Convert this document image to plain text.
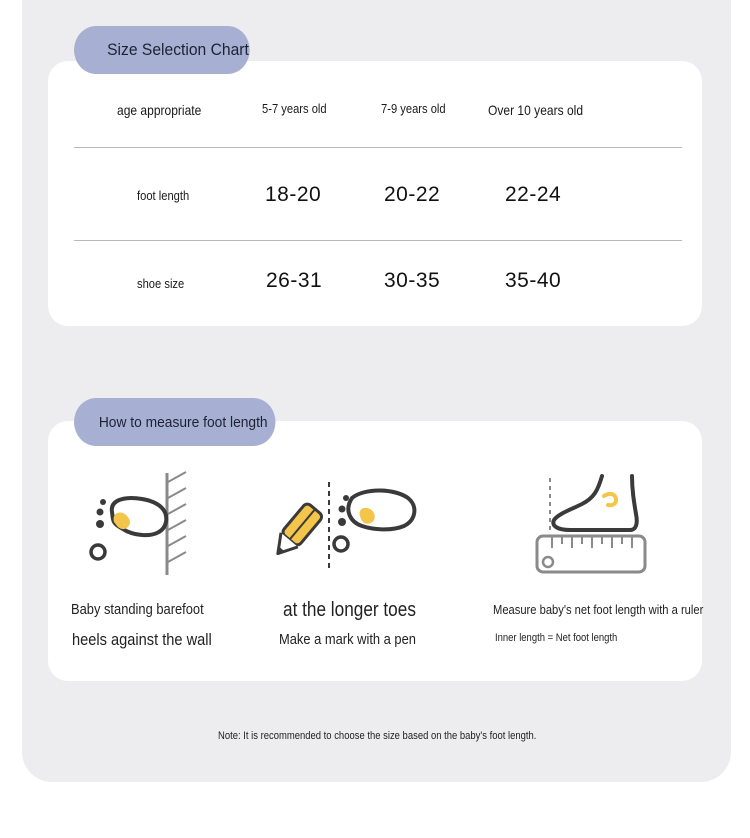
Size Selection Chart
age appropriate	5-7 years old	7-9 years old	Over 10 years old
foot length	18-20	20-22	22-24
shoe size	26-31	30-35	35-40
How to measure foot length
Baby standing barefoot
heels against the wall
at the longer toes
Make a mark with a pen
Measure baby's net foot length with a ruler
Inner length = Net foot length
Note: It is recommended to choose the size based on the baby's foot length.
